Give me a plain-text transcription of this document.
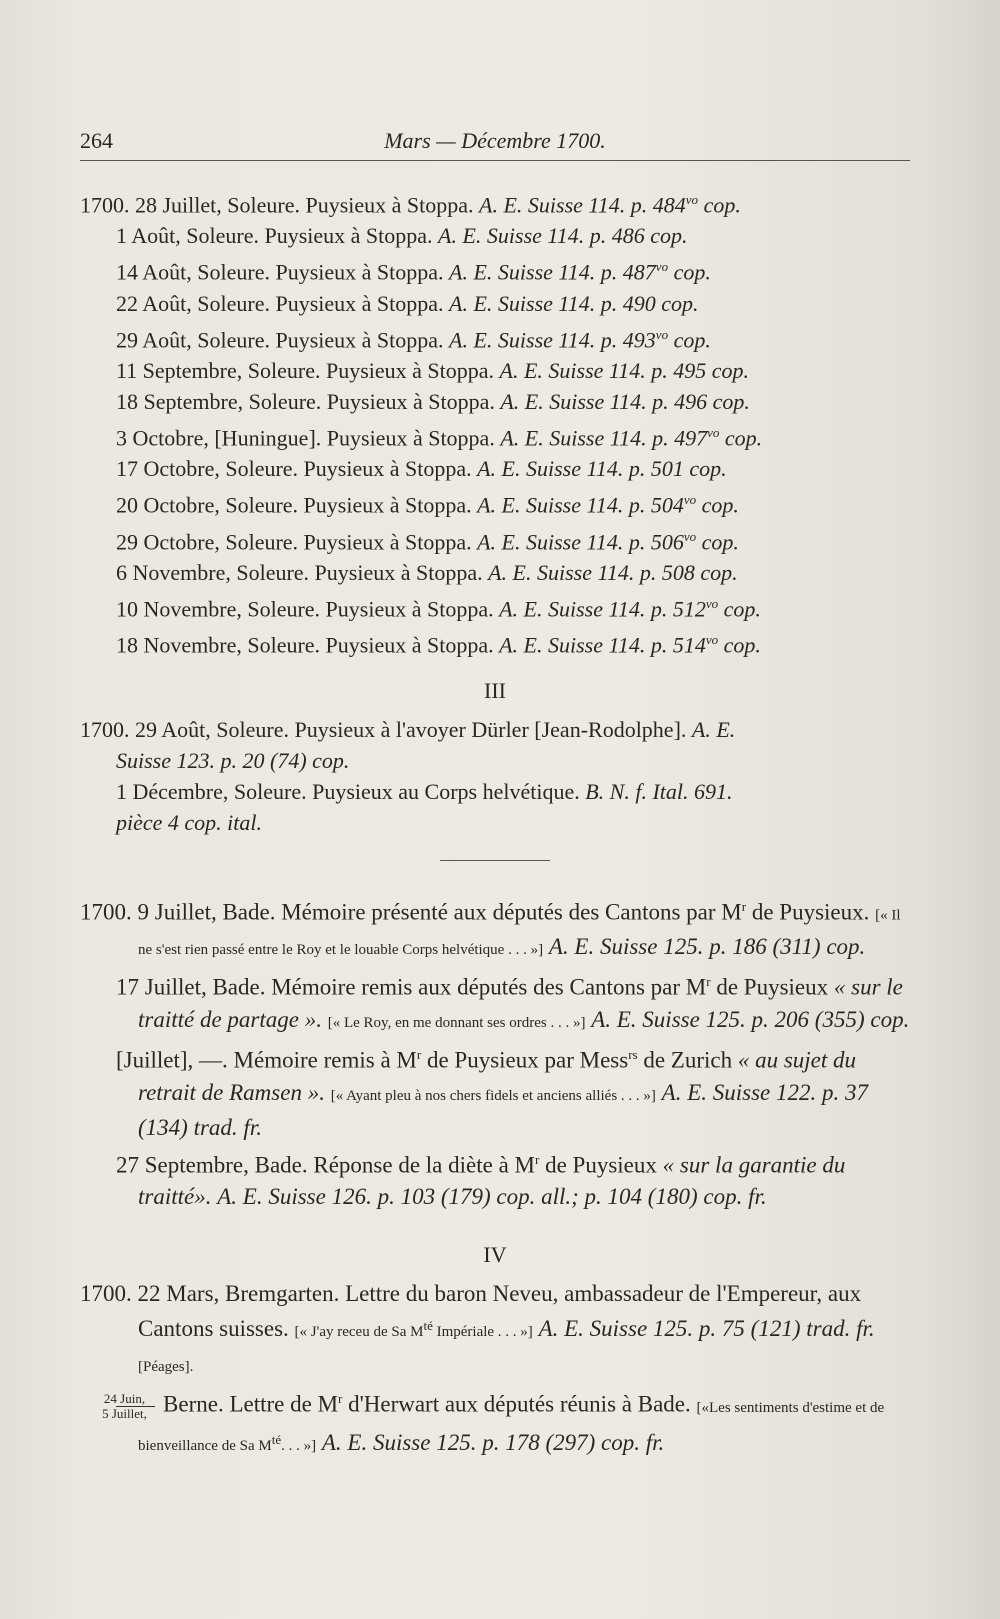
264	Mars — Décembre 1700.

1700. 28 Juillet, Soleure. Puysieux à Stoppa. A. E. Suisse 114. p. $484^{vo}$ cop.

1 Août, Soleure. Puysieux à Stoppa. A. E. Suisse 114. p. 486 cop.

14 Août, Soleure. Puysieux à Stoppa. A. E. Suisse 114. p. $487^{vo}$ cop.

22 Août, Soleure. Puysieux à Stoppa. A. E. Suisse 114. p. 490 cop.

29 Août, Soleure. Puysieux à Stoppa. A. E. Suisse 114. p. $493^{vo}$ cop.

11 Septembre, Soleure. Puysieux à Stoppa. A. E. Suisse 114. p. 495 cop.

18 Septembre, Soleure. Puysieux à Stoppa. A. E. Suisse 114. p. 496 cop.

3 Octobre, [Huningue]. Puysieux à Stoppa. A. E. Suisse 114. p. $497^{vo}$ cop.

17 Octobre, Soleure. Puysieux à Stoppa. A. E. Suisse 114. p. 501 cop.

20 Octobre, Soleure. Puysieux à Stoppa. A. E. Suisse 114. p. $504^{vo}$ cop.

29 Octobre, Soleure. Puysieux à Stoppa. A. E. Suisse 114. p. $506^{vo}$ cop.

6 Novembre, Soleure. Puysieux à Stoppa. A. E. Suisse 114. p. 508 cop.

10 Novembre, Soleure. Puysieux à Stoppa. A. E. Suisse 114. p. $512^{vo}$ cop.

18 Novembre, Soleure. Puysieux à Stoppa. A. E. Suisse 114. p. $514^{vo}$ cop.

III

1700. 29 Août, Soleure. Puysieux à l'avoyer Dürler [Jean-Rodolphe]. A. E.

Suisse 123. p. 20 (74) cop.

1 Décembre, Soleure. Puysieux au Corps helvétique. B. N. f. Ital. 691.

pièce 4 cop. ital.

1700. 9 Juillet, Bade. Mémoire présenté aux députés des Cantons par $M^r$ de Puysieux. [« Il ne s'est rien passé entre le Roy et le louable Corps helvétique . . . »] A. E. Suisse 125. p. 186 (311) cop.

17 Juillet, Bade. Mémoire remis aux députés des Cantons par $M^r$ de Puysieux « sur le traitté de partage ». [« Le Roy, en me donnant ses ordres . . . »] A. E. Suisse 125. p. 206 (355) cop.

[Juillet], —. Mémoire remis à $M^r$ de Puysieux par Mess$^{rs}$ de Zurich « au sujet du retrait de Ramsen ». [« Ayant pleu à nos chers fidels et anciens alliés . . . »] A. E. Suisse 122. p. 37 (134) trad. fr.

27 Septembre, Bade. Réponse de la diète à $M^r$ de Puysieux « sur la garantie du traitté». A. E. Suisse 126. p. 103 (179) cop. all.; p. 104 (180) cop. fr.

IV

1700. 22 Mars, Bremgarten. Lettre du baron Neveu, ambassadeur de l'Empereur, aux Cantons suisses. [« J'ay receu de Sa $M^{té}$ Impériale . . . »] A. E. Suisse 125. p. 75 (121) trad. fr. [Péages].

$\frac{\text{24 Juin,}}{\text{5 Juillet,}}$ Berne. Lettre de $M^r$ d'Herwart aux députés réunis à Bade. [«Les sentiments d'estime et de bienveillance de Sa $M^{té}$. . . »] A. E. Suisse 125. p. 178 (297) cop. fr.
